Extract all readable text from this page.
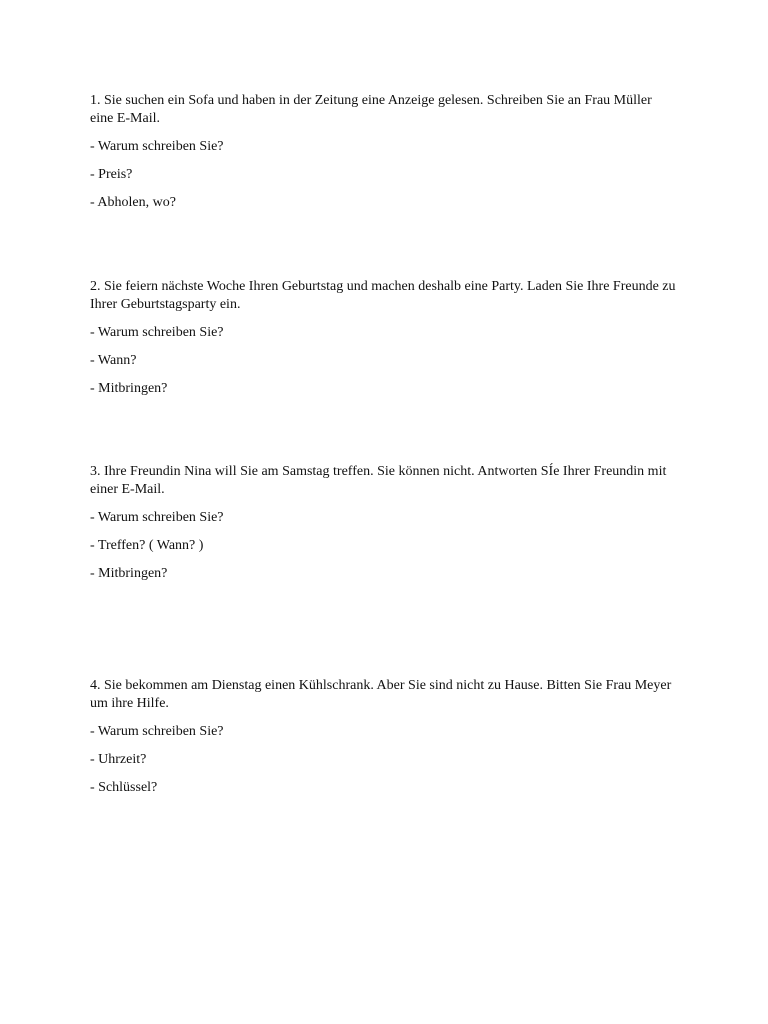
1. Sie suchen ein Sofa und haben in der Zeitung eine Anzeige gelesen. Schreiben Sie an Frau Müller eine E-Mail.

- Warum schreiben Sie?

- Preis?

- Abholen, wo?

2. Sie feiern nächste Woche Ihren Geburtstag und machen deshalb eine Party. Laden Sie Ihre Freunde zu Ihrer Geburtstagsparty ein.

- Warum schreiben Sie?

- Wann?

- Mitbringen?

3. Ihre Freundin Nina will Sie am Samstag treffen. Sie können nicht. Antworten SÍe Ihrer Freundin mit einer E-Mail.

- Warum schreiben Sie?

- Treffen? ( Wann? )

- Mitbringen?

4. Sie bekommen am Dienstag einen Kühlschrank. Aber Sie sind nicht zu Hause. Bitten Sie Frau Meyer um ihre Hilfe.

- Warum schreiben Sie?

- Uhrzeit?

- Schlüssel?
